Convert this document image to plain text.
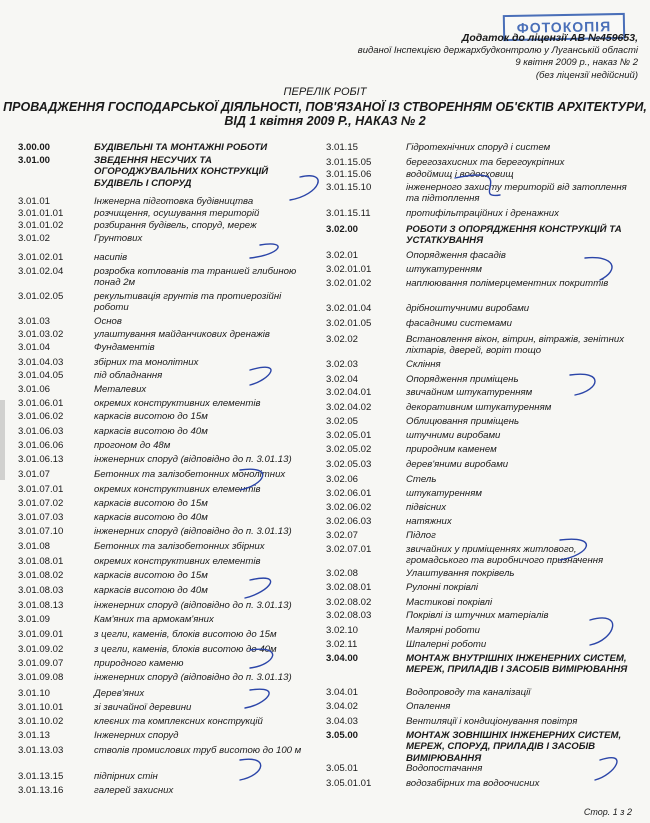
ФОТОКОПІЯ
Додаток до ліцензії АВ №459653,
виданої Інспекцією держархбудконтролю у Луганській області
9 квітня 2009 р., наказ № 2
(без ліцензії недійсний)
ПЕРЕЛІК РОБІТ
ПРОВАДЖЕННЯ ГОСПОДАРСЬКОЇ ДІЯЛЬНОСТІ, ПОВ'ЯЗАНОЇ ІЗ СТВОРЕННЯМ ОБ'ЄКТІВ АРХІТЕКТУРИ,
ВІД 1 квітня 2009 Р., НАКАЗ № 2
3.00.00	БУДІВЕЛЬНІ ТА МОНТАЖНІ РОБОТИ
3.01.00	ЗВЕДЕННЯ НЕСУЧИХ ТА ОГОРОДЖУВАЛЬНИХ КОНСТРУКЦІЙ БУДІВЕЛЬ І СПОРУД
3.01.01	Інженерна підготовка будівництва
3.01.01.01	розчищення, осушування територій
3.01.01.02	розбирання будівель, споруд, мереж
3.01.02	Грунтових
3.01.02.01	насипів
3.01.02.04	розробка котлованів та траншей глибиною понад 2м
3.01.02.05	рекультивація грунтів та протиерозійні роботи
3.01.03	Основ
3.01.03.02	улаштування майданчикових дренажів
3.01.04	Фундаментів
3.01.04.03	збірних та монолітних
3.01.04.05	під обладнання
3.01.06	Металевих
3.01.06.01	окремих конструктивних елементів
3.01.06.02	каркасів висотою до 15м
3.01.06.03	каркасів висотою до 40м
3.01.06.06	прогоном до 48м
3.01.06.13	інженерних споруд (відповідно до п. 3.01.13)
3.01.07	Бетонних та залізобетонних монолітних
3.01.07.01	окремих конструктивних елементів
3.01.07.02	каркасів висотою до 15м
3.01.07.03	каркасів висотою до 40м
3.01.07.10	інженерних споруд (відповідно до п. 3.01.13)
3.01.08	Бетонних та залізобетонних збірних
3.01.08.01	окремих конструктивних елементів
3.01.08.02	каркасів висотою до 15м
3.01.08.03	каркасів висотою до 40м
3.01.08.13	інженерних споруд (відповідно до п. 3.01.13)
3.01.09	Кам'яних та армокам'яних
3.01.09.01	з цегли, каменів, блоків висотою до 15м
3.01.09.02	з цегли, каменів, блоків висотою до 40м
3.01.09.07	природного каменю
3.01.09.08	інженерних споруд (відповідно до п. 3.01.13)
3.01.10	Дерев'яних
3.01.10.01	зі звичайної деревини
3.01.10.02	клеєних та комплексних конструкцій
3.01.13	Інженерних споруд
3.01.13.03	стволів промислових труб висотою до 100 м
3.01.13.15	підпірних стін
3.01.13.16	галерей захисних
3.01.15	Гідротехнічних споруд і систем
3.01.15.05	берегозахисних та берегоукріпних
3.01.15.06	водоймищ і водосховищ
3.01.15.10	інженерного захисту територій від затоплення та підтоплення
3.01.15.11	протифільтраційних і дренажних
3.02.00	РОБОТИ З ОПОРЯДЖЕННЯ КОНСТРУКЦІЙ ТА УСТАТКУВАННЯ
3.02.01	Опорядження фасадів
3.02.01.01	штукатуренням
3.02.01.02	наплюювання полімерцементних покриттів
3.02.01.04	дрібноштучними виробами
3.02.01.05	фасадними системами
3.02.02	Встановлення вікон, вітрин, вітражів, зенітних ліхтарів, дверей, воріт тощо
3.02.03	Скління
3.02.04	Опорядження приміщень
3.02.04.01	звичайним штукатуренням
3.02.04.02	декоративним штукатуренням
3.02.05	Облицювання приміщень
3.02.05.01	штучними виробами
3.02.05.02	природним каменем
3.02.05.03	дерев'яними виробами
3.02.06	Стель
3.02.06.01	штукатуренням
3.02.06.02	підвісних
3.02.06.03	натяжних
3.02.07	Підлог
3.02.07.01	звичайних у приміщеннях житлового, громадського та виробничого призначення
3.02.08	Улаштування покрівель
3.02.08.01	Рулонні покрівлі
3.02.08.02	Мастикові покрівлі
3.02.08.03	Покрівлі із штучних матеріалів
3.02.10	Малярні роботи
3.02.11	Шпалерні роботи
3.04.00	МОНТАЖ ВНУТРІШНІХ ІНЖЕНЕРНИХ СИСТЕМ, МЕРЕЖ, ПРИЛАДІВ І ЗАСОБІВ ВИМІРЮВАННЯ
3.04.01	Водопроводу та каналізації
3.04.02	Опалення
3.04.03	Вентиляції і кондиціонування повітря
3.05.00	МОНТАЖ ЗОВНІШНІХ ІНЖЕНЕРНИХ СИСТЕМ, МЕРЕЖ, СПОРУД, ПРИЛАДІВ І ЗАСОБІВ ВИМІРЮВАННЯ
3.05.01	Водопостачання
3.05.01.01	водозабірних та водоочисних
Стор. 1 з 2
